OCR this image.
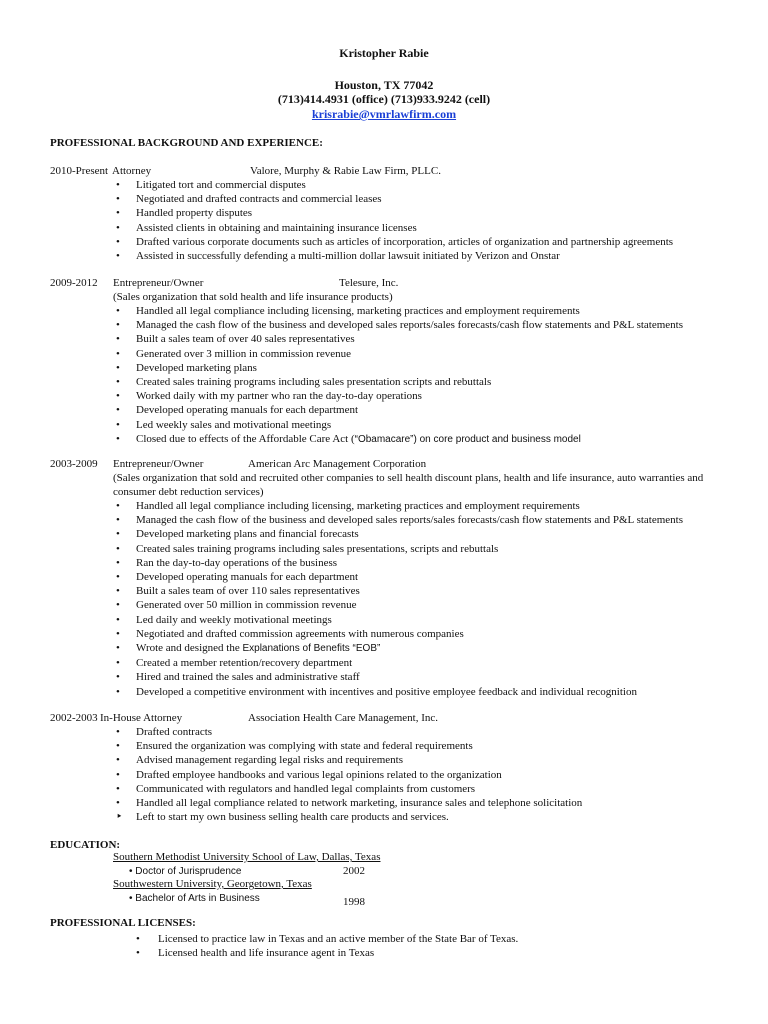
Kristopher Rabie
Houston, TX 77042
(713)414.4931 (office) (713)933.9242 (cell)
krisrabie@vmrlawfirm.com
PROFESSIONAL BACKGROUND AND EXPERIENCE:
2010-Present Attorney	Valore, Murphy & Rabie Law Firm, PLLC.
• Litigated tort and commercial disputes
• Negotiated and drafted contracts and commercial leases
• Handled property disputes
• Assisted clients in obtaining and maintaining insurance licenses
• Drafted various corporate documents such as articles of incorporation, articles of organization and partnership agreements
• Assisted in successfully defending a multi-million dollar lawsuit initiated by Verizon and Onstar
2009-2012 Entrepreneur/Owner	Telesure, Inc.
(Sales organization that sold health and life insurance products)
• Handled all legal compliance including licensing, marketing practices and employment requirements
• Managed the cash flow of the business and developed sales reports/sales forecasts/cash flow statements and P&L statements
• Built a sales team of over 40 sales representatives
• Generated over 3 million in commission revenue
• Developed marketing plans
• Created sales training programs including sales presentation scripts and rebuttals
• Worked daily with my partner who ran the day-to-day operations
• Developed operating manuals for each department
• Led weekly sales and motivational meetings
• Closed due to effects of the Affordable Care Act (“Obamacare”) on core product and business model
2003-2009 Entrepreneur/Owner	American Arc Management Corporation
(Sales organization that sold and recruited other companies to sell health discount plans, health and life insurance, auto warranties and consumer debt reduction services)
• Handled all legal compliance including licensing, marketing practices and employment requirements
• Managed the cash flow of the business and developed sales reports/sales forecasts/cash flow statements and P&L statements
• Developed marketing plans and financial forecasts
• Created sales training programs including sales presentations, scripts and rebuttals
• Ran the day-to-day operations of the business
• Developed operating manuals for each department
• Built a sales team of over 110 sales representatives
• Generated over 50 million in commission revenue
• Led daily and weekly motivational meetings
• Negotiated and drafted commission agreements with numerous companies
• Wrote and designed the Explanations of Benefits “EOB”
• Created a member retention/recovery department
• Hired and trained the sales and administrative staff
• Developed a competitive environment with incentives and positive employee feedback and individual recognition
2002-2003 In-House Attorney	Association Health Care Management, Inc.
• Drafted contracts
• Ensured the organization was complying with state and federal requirements
• Advised management regarding legal risks and requirements
• Drafted employee handbooks and various legal opinions related to the organization
• Communicated with regulators and handled legal complaints from customers
• Handled all legal compliance related to network marketing, insurance sales and telephone solicitation
‣ Left to start my own business selling health care products and services.
EDUCATION:
Southern Methodist University School of Law, Dallas, Texas
• Doctor of Jurisprudence	2002
Southwestern University, Georgetown, Texas
• Bachelor of Arts in Business	1998
PROFESSIONAL LICENSES:
• Licensed to practice law in Texas and an active member of the State Bar of Texas.
• Licensed health and life insurance agent in Texas
